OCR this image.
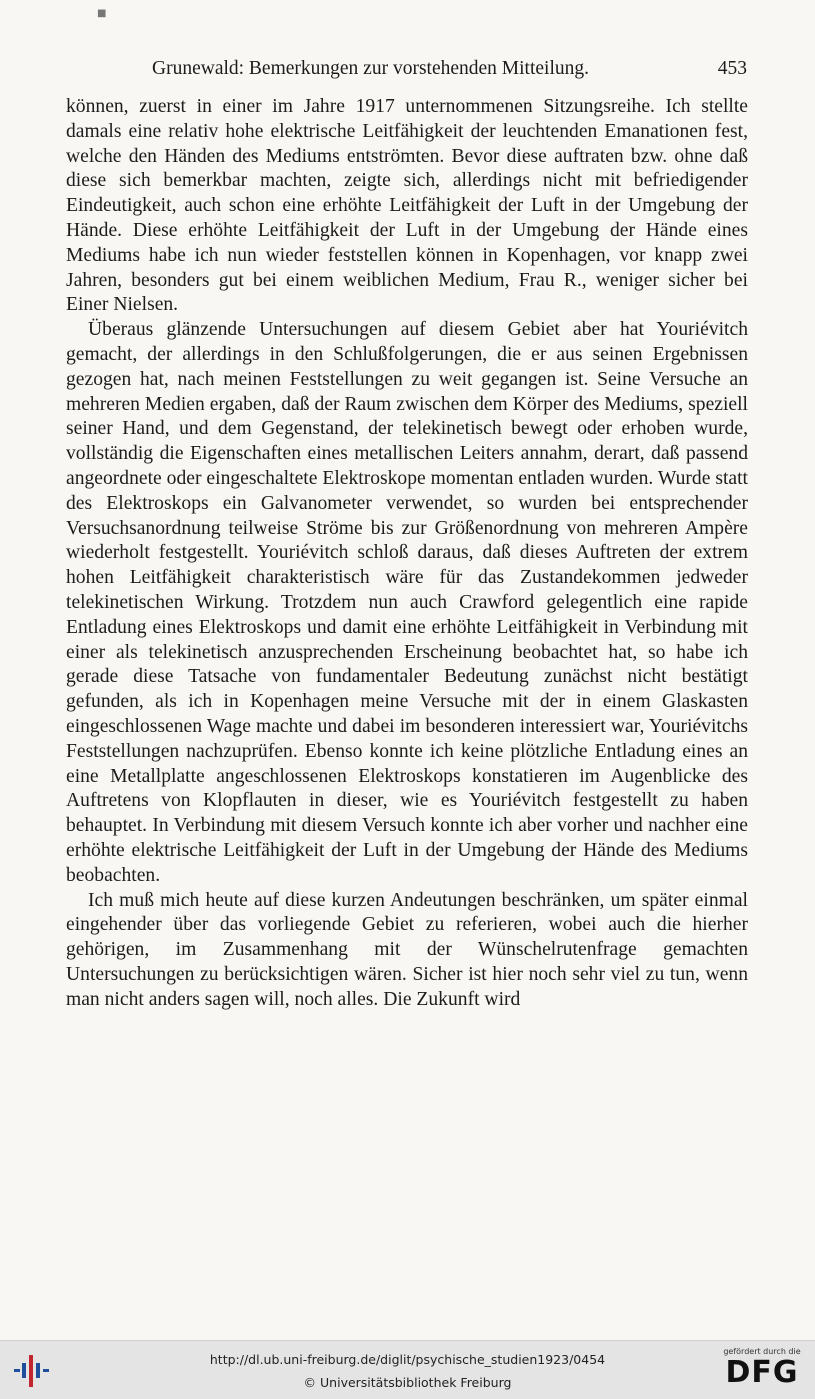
■
Grunewald: Bemerkungen zur vorstehenden Mitteilung.	453

können, zuerst in einer im Jahre 1917 unternommenen Sitzungsreihe. Ich stellte damals eine relativ hohe elektrische Leitfähigkeit der leuchtenden Emanationen fest, welche den Händen des Mediums entströmten. Bevor diese auftraten bzw. ohne daß diese sich bemerkbar machten, zeigte sich, allerdings nicht mit befriedigender Eindeutigkeit, auch schon eine erhöhte Leitfähigkeit der Luft in der Umgebung der Hände. Diese erhöhte Leitfähigkeit der Luft in der Umgebung der Hände eines Mediums habe ich nun wieder feststellen können in Kopenhagen, vor knapp zwei Jahren, besonders gut bei einem weiblichen Medium, Frau R., weniger sicher bei Einer Nielsen.

Überaus glänzende Untersuchungen auf diesem Gebiet aber hat Youriévitch gemacht, der allerdings in den Schlußfolgerungen, die er aus seinen Ergebnissen gezogen hat, nach meinen Feststellungen zu weit gegangen ist. Seine Versuche an mehreren Medien ergaben, daß der Raum zwischen dem Körper des Mediums, speziell seiner Hand, und dem Gegenstand, der telekinetisch bewegt oder erhoben wurde, vollständig die Eigenschaften eines metallischen Leiters annahm, derart, daß passend angeordnete oder eingeschaltete Elektroskope momentan entladen wurden. Wurde statt des Elektroskops ein Galvanometer verwendet, so wurden bei entsprechender Versuchsanordnung teilweise Ströme bis zur Größenordnung von mehreren Ampère wiederholt festgestellt. Youriévitch schloß daraus, daß dieses Auftreten der extrem hohen Leitfähigkeit charakteristisch wäre für das Zustandekommen jedweder telekinetischen Wirkung. Trotzdem nun auch Crawford gelegentlich eine rapide Entladung eines Elektroskops und damit eine erhöhte Leitfähigkeit in Verbindung mit einer als telekinetisch anzusprechenden Erscheinung beobachtet hat, so habe ich gerade diese Tatsache von fundamentaler Bedeutung zunächst nicht bestätigt gefunden, als ich in Kopenhagen meine Versuche mit der in einem Glaskasten eingeschlossenen Wage machte und dabei im besonderen interessiert war, Youriévitchs Feststellungen nachzuprüfen. Ebenso konnte ich keine plötzliche Entladung eines an eine Metallplatte angeschlossenen Elektroskops konstatieren im Augenblicke des Auftretens von Klopflauten in dieser, wie es Youriévitch festgestellt zu haben behauptet. In Verbindung mit diesem Versuch konnte ich aber vorher und nachher eine erhöhte elektrische Leitfähigkeit der Luft in der Umgebung der Hände des Mediums beobachten.

Ich muß mich heute auf diese kurzen Andeutungen beschränken, um später einmal eingehender über das vorliegende Gebiet zu referieren, wobei auch die hierher gehörigen, im Zusammenhang mit der Wünschelrutenfrage gemachten Untersuchungen zu berücksichtigen wären. Sicher ist hier noch sehr viel zu tun, wenn man nicht anders sagen will, noch alles. Die Zukunft wird

http://dl.ub.uni-freiburg.de/diglit/psychische_studien1923/0454
© Universitätsbibliothek Freiburg
gefördert durch die
DFG
